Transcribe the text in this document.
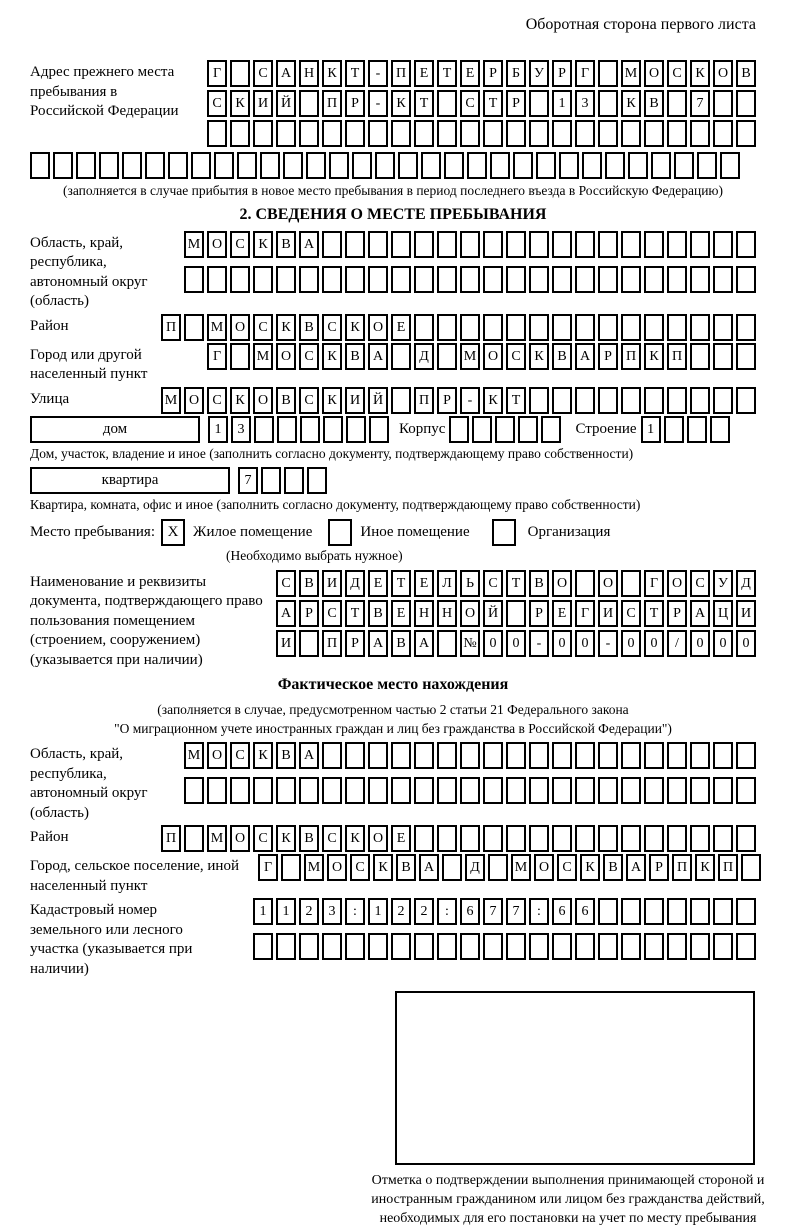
Оборотная сторона первого листа
Адрес прежнего места пребывания в Российской Федерации
Г	С А Н К	Т	-	П Е	Т	Е	Р	Б	У	Р	Г	М О С К О В
С К И Й	П	Р	-	К	Т	С	Т	Р	1	3	К В	7
(заполняется в случае прибытия в новое место пребывания в период последнего въезда в Российскую Федерацию)
2. СВЕДЕНИЯ О МЕСТЕ ПРЕБЫВАНИЯ
Область, край, республика, автономный округ (область)
М О С К В А
Район	П	М О С К В С К О Е
Город или другой населенный пункт
Г	М О С К В А	Д	М О С К В А	Р	П К П
Улица	М О С К О В С К И Й	П	Р	-	К	Т
дом	1	3	Корпус	Строение 1
Дом, участок, владение и иное (заполнить согласно документу, подтверждающему право собственности)
квартира	7
Квартира, комната, офис и иное (заполнить согласно документу, подтверждающему право собственности)
Место пребывания: X Жилое помещение	Иное помещение	Организация
(Необходимо выбрать нужное)
Наименование и реквизиты документа, подтверждающего право пользования помещением (строением, сооружением) (указывается при наличии)
С В И Д Е	Т	Е Л	Ь	С	Т	В О	О	Г О С У Д
А	Р	С	Т	В	Е Н Н О Й	Р	Е	Г И С	Т	Р	А Ц И
И	П	Р	А В А	№ 0	0	-	0	0	-	0	0	/	0	0	0
Фактическое место нахождения
(заполняется в случае, предусмотренном частью 2 статьи 21 Федерального закона
"О миграционном учете иностранных граждан и лиц без гражданства в Российской Федерации")
Область, край, республика, автономный округ (область)
М О С К В А
Район	П	М О С К В С К О Е
Город, сельское поселение, иной населенный пункт
Г	М О С К В А	Д	М О С К В А	Р	П К П
Кадастровый номер земельного или лесного участка (указывается при наличии)
1	1	2	3	:	1	2	2	:	6	7	7	:	6	6
Отметка о подтверждении выполнения принимающей стороной и иностранным гражданином или лицом без гражданства действий, необходимых для его постановки на учет по месту пребывания
